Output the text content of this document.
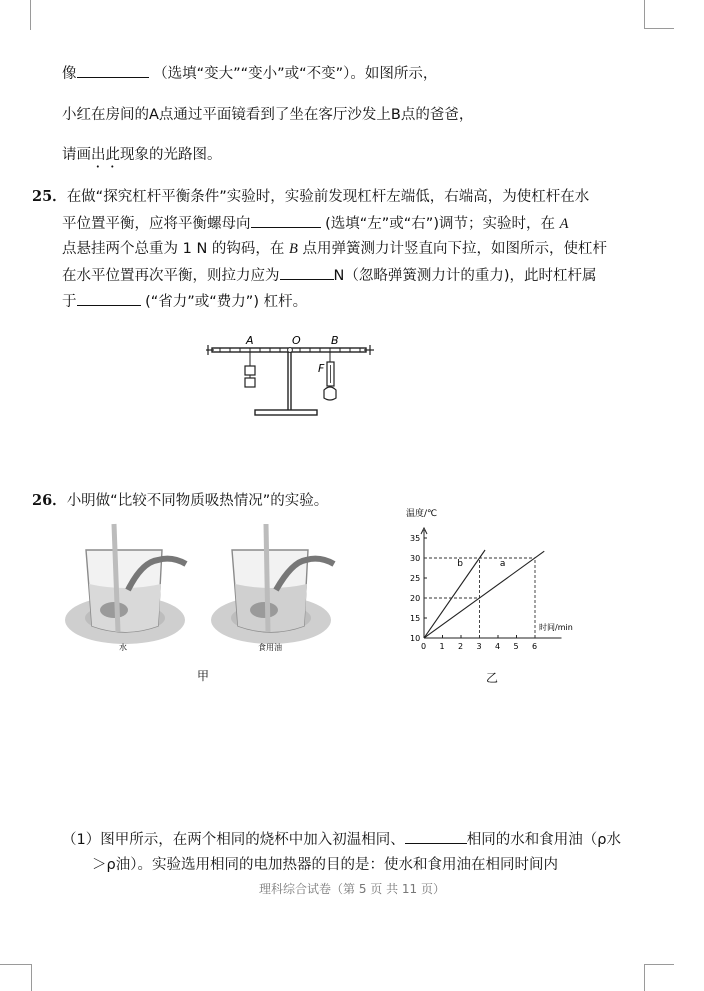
像	（选填“变大”“变小”或“不变”）。如图所示，
小红在房间的A点通过平面镜看到了坐在客厅沙发上B点的爸爸，
请画出此现象的光路图。
25．在做“探究杠杆平衡条件”实验时，实验前发现杠杆左端低，右端高，为使杠杆在水
平位置平衡，应将平衡螺母向	(选填“左”或“右”)调节；实验时，在 A
点悬挂两个总重为 1 N 的钩码，在 B 点用弹簧测力计竖直向下拉，如图所示，使杠杆
在水平位置再次平衡，则拉力应为	N（忽略弹簧测力计的重力)，此时杠杆属
于	(“省力”或“费力”) 杠杆。
A	O	B
F
26．小明做“比较不同物质吸热情况”的实验。
水	食用油
甲
时间/min
温度/℃
0 1 2 3 4 5 6
10
15
20
25
30
35
b	a
乙
（1）图甲所示，在两个相同的烧杯中加入初温相同、	相同的水和食用油（ρ水
＞ρ油）。实验选用相同的电加热器的目的是：使水和食用油在相同时间内
理科综合试卷（第 5 页 共 11 页）
